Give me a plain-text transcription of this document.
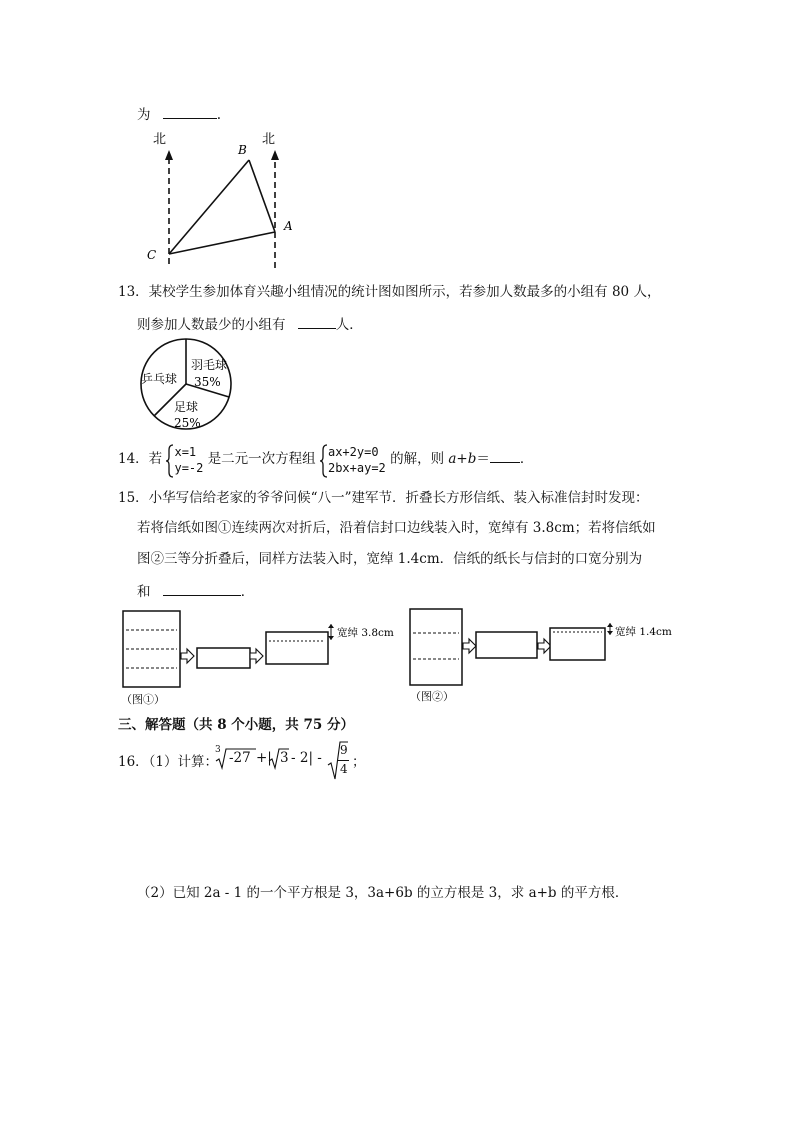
为	.
北	北
B
A
C
13．某校学生参加体育兴趣小组情况的统计图如图所示，若参加人数最多的小组有 80 人，
则参加人数最少的小组有	人．
乒乓球
羽毛球
35%
足球
25%
14．若 x=1
y=-2
是二元一次方程组 ax+2y=0
2bx+ay=2
的解，则 a+b＝ ．
15．小华写信给老家的爷爷问候“八一”建军节．折叠长方形信纸、装入标准信封时发现：
若将信纸如图①连续两次对折后，沿着信封口边线装入时，宽绰有 3.8cm；若将信纸如
图②三等分折叠后，同样方法装入时，宽绰 1.4cm．信纸的纸长与信封的口宽分别为
和	．
宽绰 3.8cm
（图①）
宽绰 1.4cm
（图②）
三、解答题（共 8 个小题，共 75 分）
16．（1）计算：
3 -27 +| 3 - 2| - 9
4 ；
（2）已知 2a - 1 的一个平方根是 3，3a+6b 的立方根是 3，求 a+b 的平方根．
